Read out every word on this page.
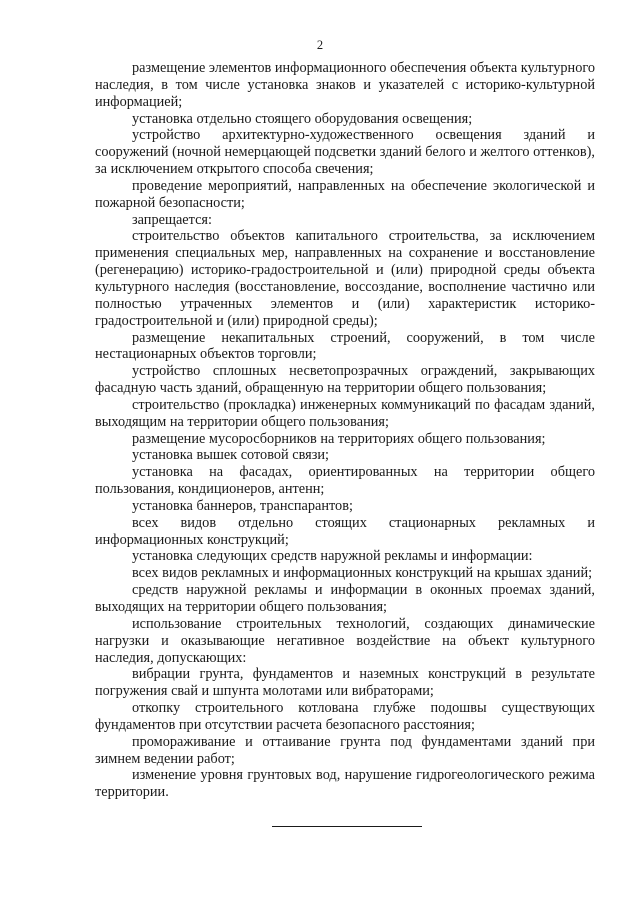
2

размещение элементов информационного обеспечения объекта культурного наследия, в том числе установка знаков и указателей с историко-культурной информацией;

установка отдельно стоящего оборудования освещения;

устройство архитектурно-художественного освещения зданий и сооружений (ночной немерцающей подсветки зданий белого и желтого оттенков), за исключением открытого способа свечения;

проведение мероприятий, направленных на обеспечение экологической и пожарной безопасности;

запрещается:

строительство объектов капитального строительства, за исключением применения специальных мер, направленных на сохранение и восстановление (регенерацию) историко-градостроительной и (или) природной среды объекта культурного наследия (восстановление, воссоздание, восполнение частично или полностью утраченных элементов и (или) характеристик историко-градостроительной и (или) природной среды);

размещение некапитальных строений, сооружений, в том числе нестационарных объектов торговли;

устройство сплошных несветопрозрачных ограждений, закрывающих фасадную часть зданий, обращенную на территории общего пользования;

строительство (прокладка) инженерных коммуникаций по фасадам зданий, выходящим на территории общего пользования;

размещение мусоросборников на территориях общего пользования;

установка вышек сотовой связи;

установка на фасадах, ориентированных на территории общего пользования, кондиционеров, антенн;

установка баннеров, транспарантов;

всех видов отдельно стоящих стационарных рекламных и информационных конструкций;

установка следующих средств наружной рекламы и информации:

всех видов рекламных и информационных конструкций на крышах зданий;

средств наружной рекламы и информации в оконных проемах зданий, выходящих на территории общего пользования;

использование строительных технологий, создающих динамические нагрузки и оказывающие негативное воздействие на объект культурного наследия, допускающих:

вибрации грунта, фундаментов и наземных конструкций в результате погружения свай и шпунта молотами или вибраторами;

откопку строительного котлована глубже подошвы существующих фундаментов при отсутствии расчета безопасного расстояния;

промораживание и оттаивание грунта под фундаментами зданий при зимнем ведении работ;

изменение уровня грунтовых вод, нарушение гидрогеологического режима территории.
